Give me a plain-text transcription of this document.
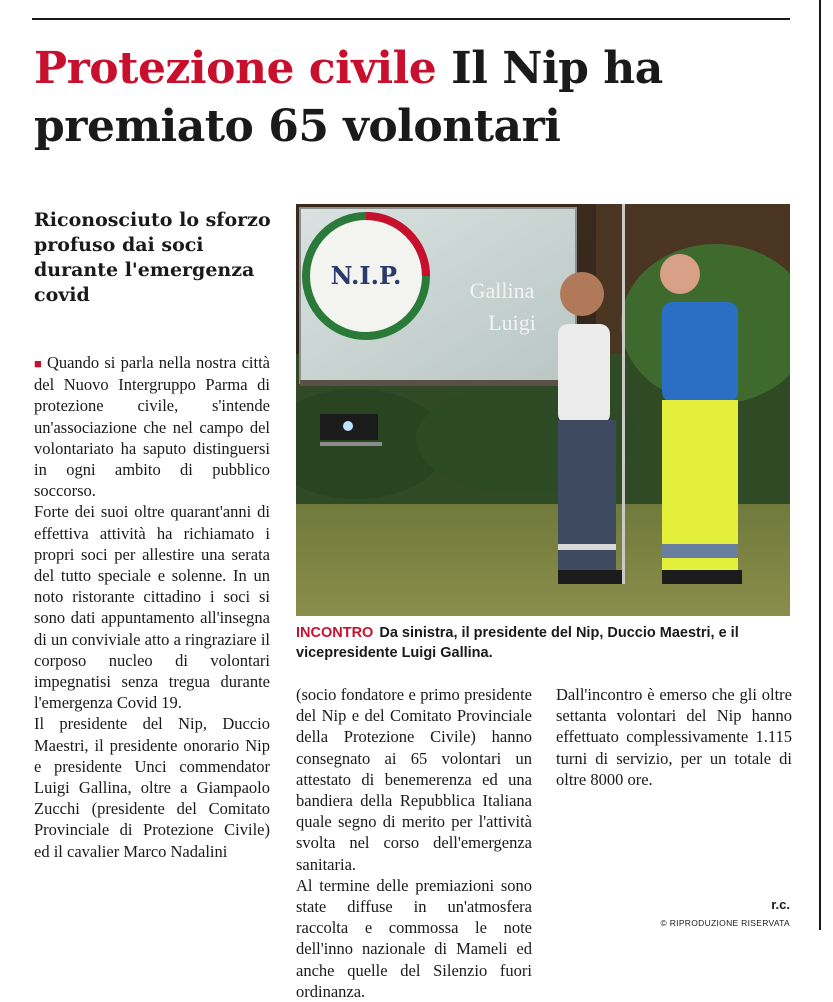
Protezione civile Il Nip ha premiato 65 volontari
Riconosciuto lo sforzo profuso dai soci durante l'emergenza covid

■ Quando si parla nella nostra città del Nuovo Intergruppo Parma di protezione civile, s'intende un'associazione che nel campo del volontariato ha saputo distinguersi in ogni ambito di pubblico soccorso.

Forte dei suoi oltre quarant'anni di effettiva attività ha richiamato i propri soci per allestire una serata del tutto speciale e solenne. In un noto ristorante cittadino i soci si sono dati appuntamento all'insegna di un conviviale atto a ringraziare il corposo nucleo di volontari impegnatisi senza tregua durante l'emergenza Covid 19.

Il presidente del Nip, Duccio Maestri, il presidente onorario Nip e presidente Unci commendator Luigi Gallina, oltre a Giampaolo Zucchi (presidente del Comitato Provinciale di Protezione Civile) ed il cavalier Marco Nadalini

N.I.P.
Gallina
Luigi

INCONTRO Da sinistra, il presidente del Nip, Duccio Maestri, e il vicepresidente Luigi Gallina.

(socio fondatore e primo presidente del Nip e del Comitato Provinciale della Protezione Civile) hanno consegnato ai 65 volontari un attestato di benemerenza ed una bandiera della Repubblica Italiana quale segno di merito per l'attività svolta nel corso dell'emergenza sanitaria.

Al termine delle premiazioni sono state diffuse in un'atmosfera raccolta e commossa le note dell'inno nazionale di Mameli ed anche quelle del Silenzio fuori ordinanza.

Dall'incontro è emerso che gli oltre settanta volontari del Nip hanno effettuato complessivamente 1.115 turni di servizio, per un totale di oltre 8000 ore.

r.c.
© RIPRODUZIONE RISERVATA
